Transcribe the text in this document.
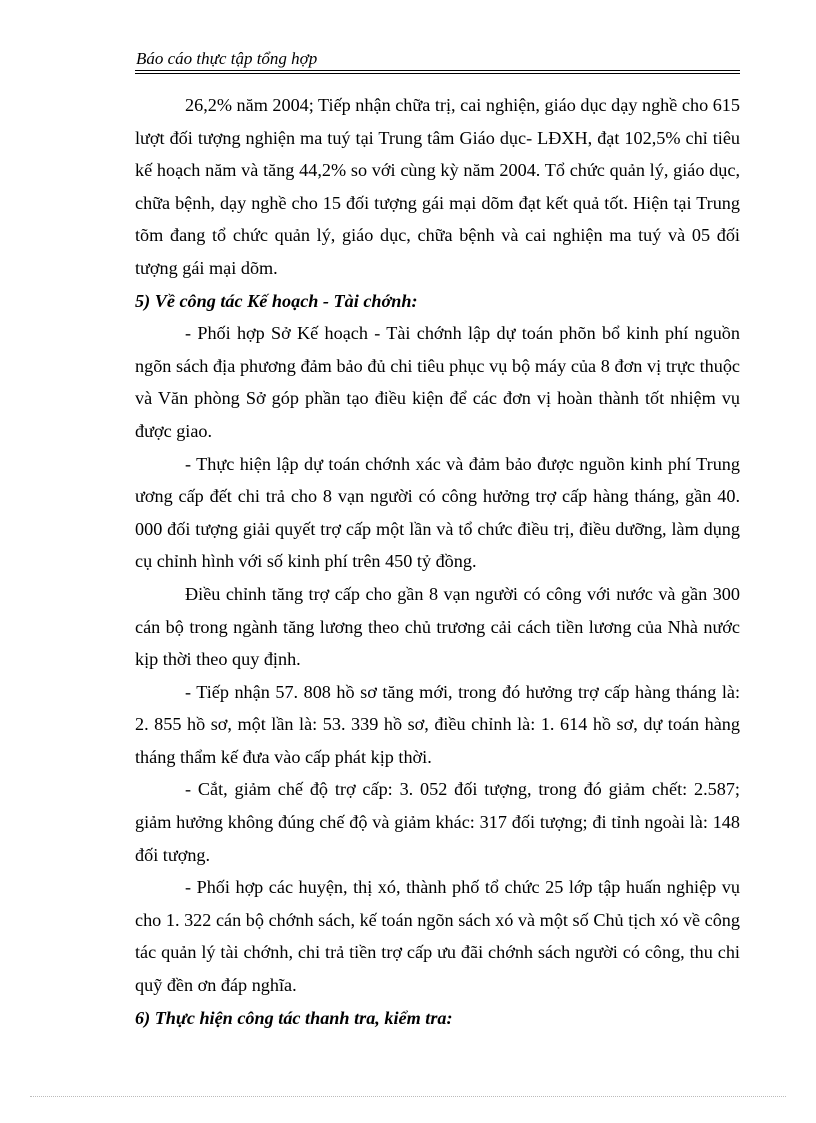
Báo cáo thực tập tổng hợp

26,2% năm 2004; Tiếp nhận chữa trị, cai nghiện, giáo dục dạy nghề cho 615 lượt đối tượng nghiện ma tuý tại Trung tâm Giáo dục- LĐXH, đạt 102,5% chỉ tiêu kế hoạch năm và tăng 44,2% so với cùng kỳ năm 2004. Tổ chức quản lý, giáo dục, chữa bệnh, dạy nghề cho 15 đối tượng gái mại dõm đạt kết quả tốt. Hiện tại Trung tõm đang tổ chức quản lý, giáo dục, chữa bệnh và cai nghiện ma tuý và 05 đối tượng gái mại dõm.

5) Về công tác Kế hoạch - Tài chớnh:

- Phối hợp Sở Kế hoạch - Tài chớnh lập dự toán phõn bổ kinh phí nguồn ngõn sách địa phương đảm bảo đủ chi tiêu phục vụ bộ máy của 8 đơn vị trực thuộc và Văn phòng Sở góp phần tạo điều kiện để các đơn vị hoàn thành tốt nhiệm vụ được giao.

- Thực hiện lập dự toán chớnh xác và đảm bảo được nguồn kinh phí Trung ương cấp đết chi trả cho 8 vạn người có công hưởng trợ cấp hàng tháng, gần 40. 000 đối tượng giải quyết trợ cấp một lần và tổ chức điều trị, điều dưỡng, làm dụng cụ chỉnh hình với số kinh phí trên 450 tỷ đồng.

Điều chỉnh tăng trợ cấp cho gần 8 vạn người có công với nước và gần 300 cán bộ trong ngành tăng lương theo chủ trương cải cách tiền lương của Nhà nước kịp thời theo quy định.

- Tiếp nhận 57. 808 hồ sơ tăng mới, trong đó hưởng trợ cấp hàng tháng là: 2. 855 hồ sơ, một lần là: 53. 339 hồ sơ, điều chỉnh là: 1. 614 hồ sơ, dự toán hàng tháng thẩm kế đưa vào cấp phát kịp thời.

- Cắt, giảm chế độ trợ cấp: 3. 052 đối tượng, trong đó giảm chết: 2.587; giảm hưởng không đúng chế độ và giảm khác: 317 đối tượng; đi tỉnh ngoài là: 148 đối tượng.

- Phối hợp các huyện, thị xó, thành phố tổ chức 25 lớp tập huấn nghiệp vụ cho 1. 322 cán bộ chớnh sách, kế toán ngõn sách xó và một số Chủ tịch xó về công tác quản lý tài chớnh, chi trả tiền trợ cấp ưu đãi chớnh sách người có công, thu chi quỹ đền ơn đáp nghĩa.

6) Thực hiện công tác thanh tra, kiểm tra:
